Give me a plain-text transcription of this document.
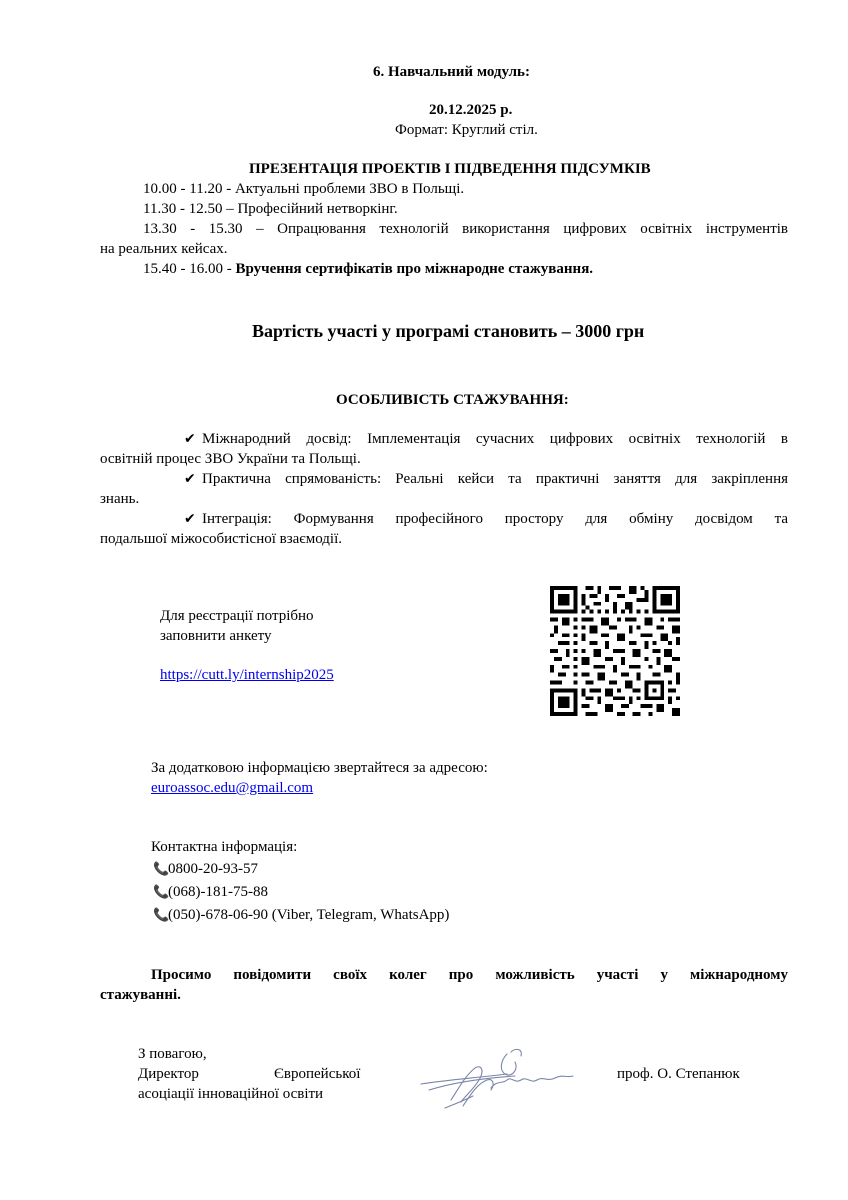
6. Навчальний модуль:

20.12.2025 р.

Формат: Круглий стіл.

ПРЕЗЕНТАЦІЯ ПРОЕКТІВ І ПІДВЕДЕННЯ ПІДСУМКІВ

10.00 - 11.20 - Актуальні проблеми ЗВО в Польщі.

11.30 - 12.50 – Професійний нетворкінг.

13.30 - 15.30 – Опрацювання технологій використання цифрових освітніх інструментів

на реальних кейсах.

15.40 - 16.00 - Вручення сертифікатів про міжнародне стажування.

Вартість участі у програмі становить – 3000 грн

ОСОБЛИВІСТЬ СТАЖУВАННЯ:

✔ Міжнародний досвід: Імплементація сучасних цифрових освітніх технологій в

освітній процес ЗВО України та Польщі.

✔ Практична спрямованість: Реальні кейси та практичні заняття для закріплення

знань.

✔ Інтеграція: Формування професійного простору для обміну досвідом та

подальшої міжособистісної взаємодії.

Для реєстрації потрібно

заповнити анкету

https://cutt.ly/internship2025

За додатковою інформацією звертайтеся за адресою:

euroassoc.edu@gmail.com

Контактна інформація:

📞0800-20-93-57

📞(068)-181-75-88

📞(050)-678-06-90 (Viber, Telegram, WhatsApp)

Просимо повідомити своїх колег про можливість участі у міжнародному

стажуванні.

З повагою,

Директор	Європейської

асоціації інноваційної освіти

проф. О. Степанюк
